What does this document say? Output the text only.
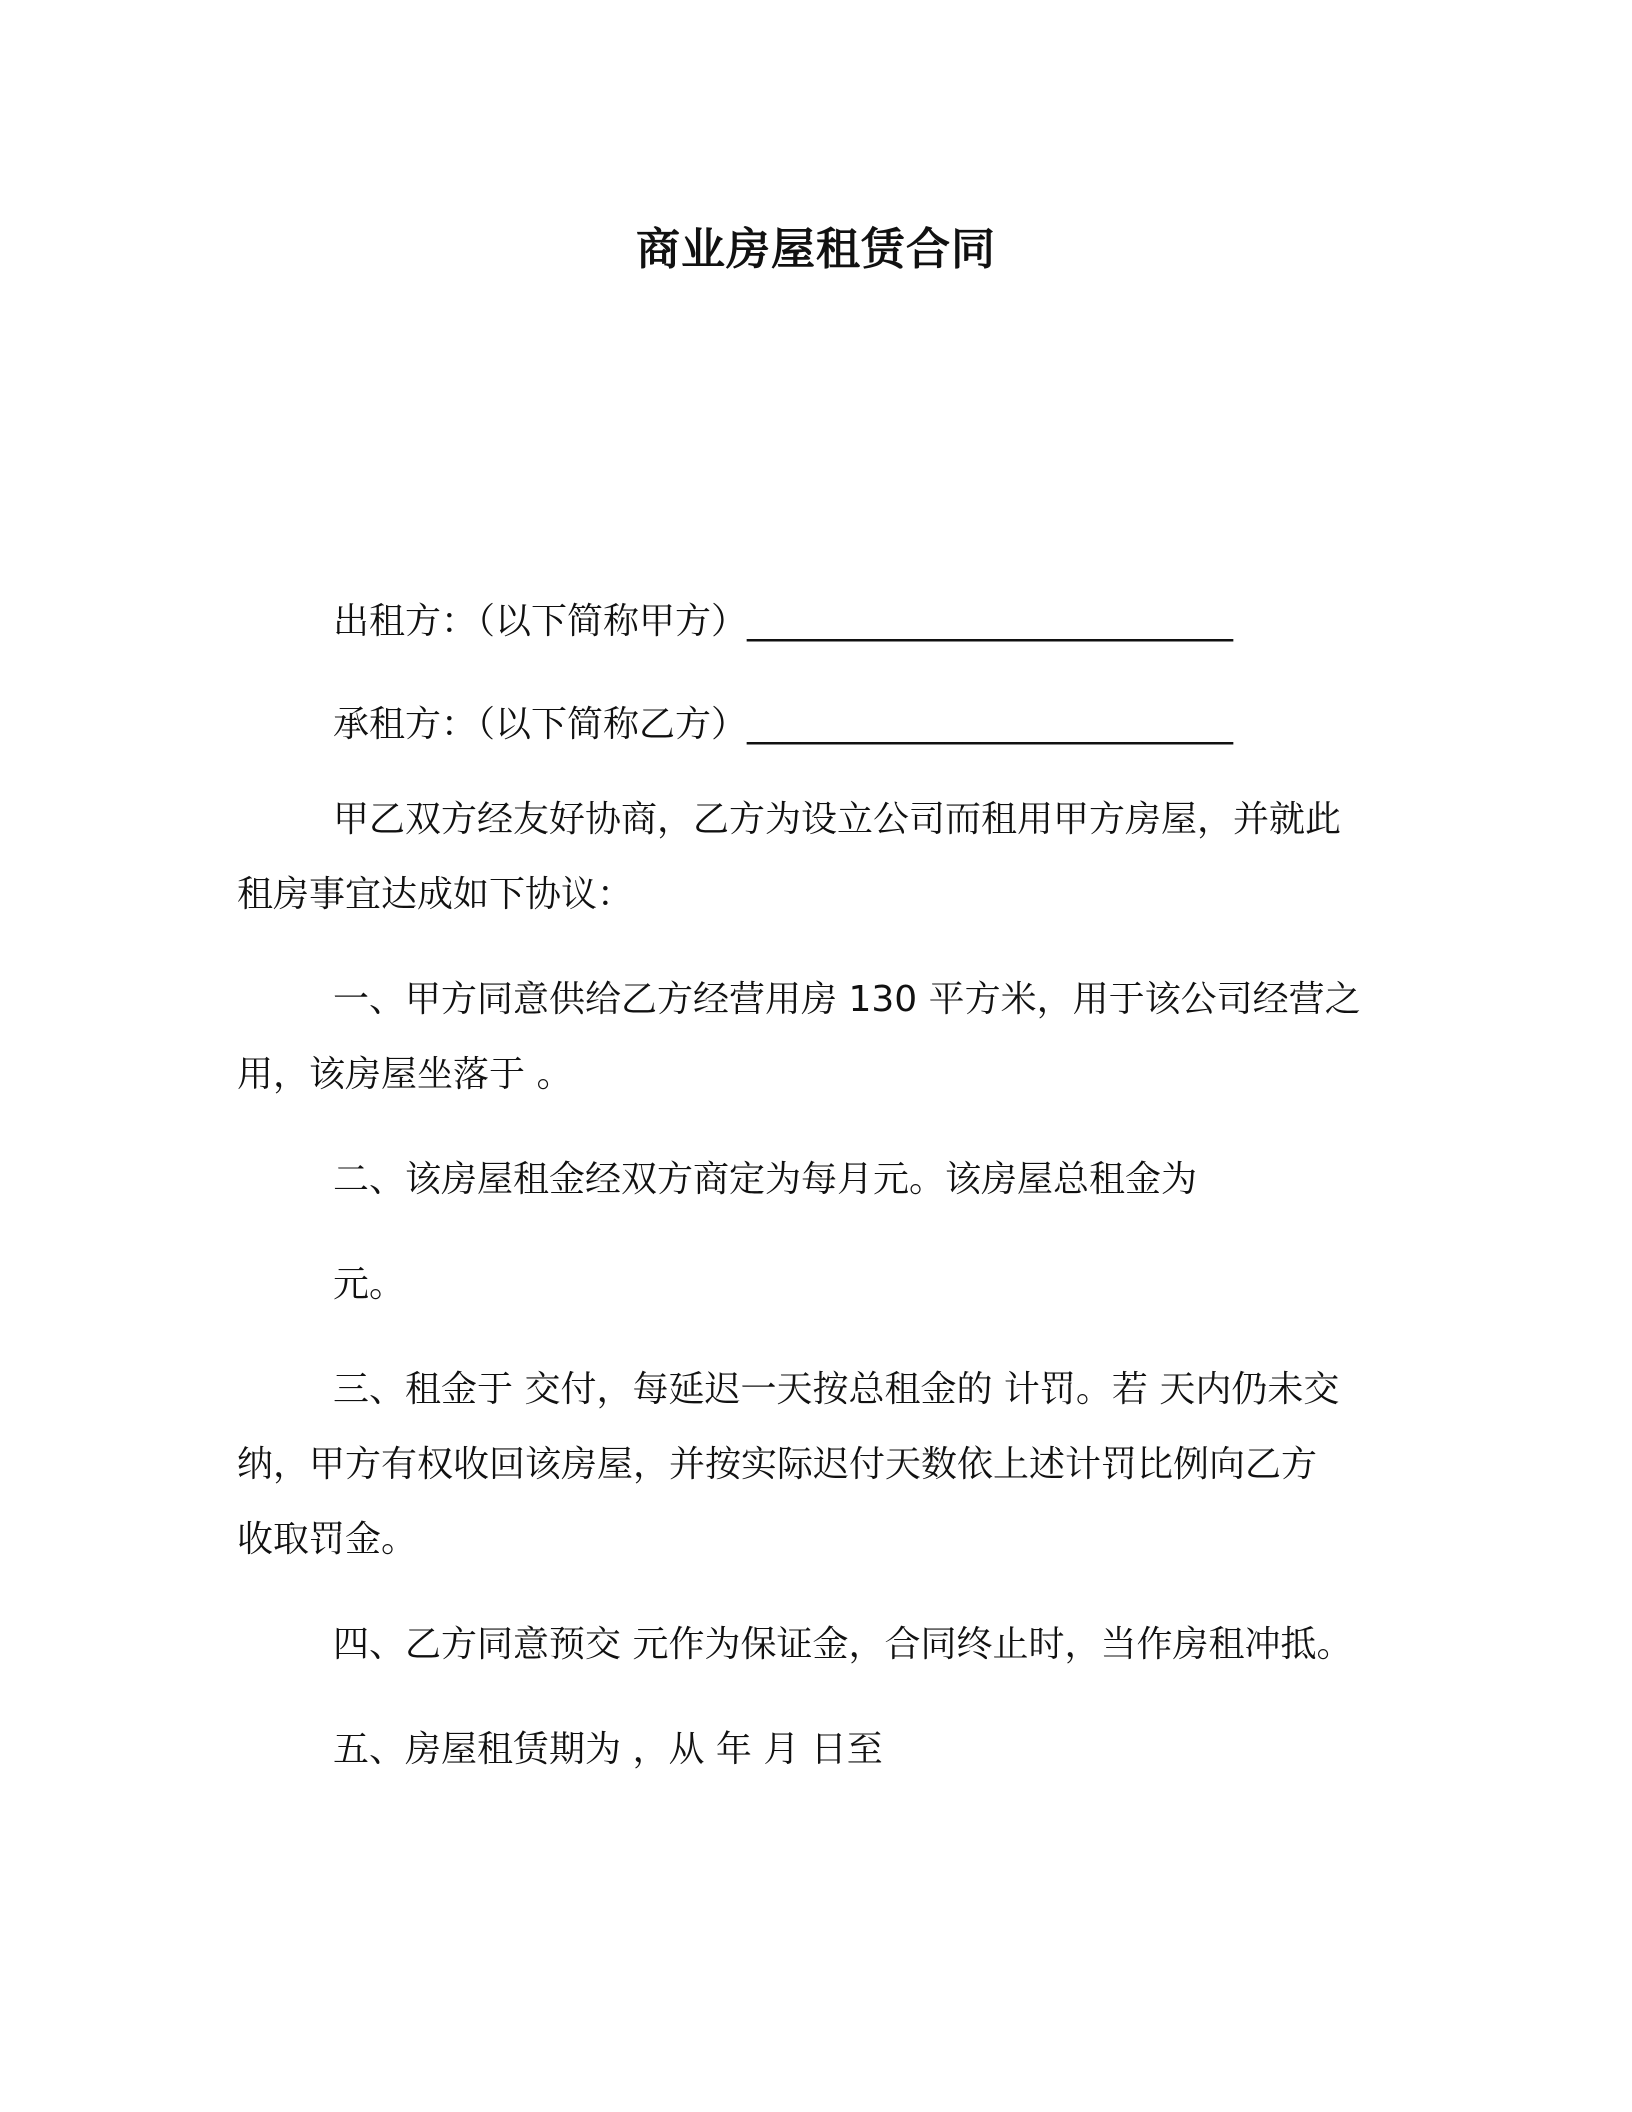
商业房屋租赁合同
出租方：（以下简称甲方）___________________________
承租方：（以下简称乙方）___________________________
甲乙双方经友好协商，乙方为设立公司而租用甲方房屋，并就此
租房事宜达成如下协议：
一、甲方同意供给乙方经营用房 130 平方米，用于该公司经营之
用，该房屋坐落于 。
二、该房屋租金经双方商定为每月元。该房屋总租金为
元。
三、租金于 交付，每延迟一天按总租金的 计罚。若 天内仍未交
纳，甲方有权收回该房屋，并按实际迟付天数依上述计罚比例向乙方
收取罚金。
四、乙方同意预交 元作为保证金，合同终止时，当作房租冲抵。
五、房屋租赁期为 ，从 年 月 日至
